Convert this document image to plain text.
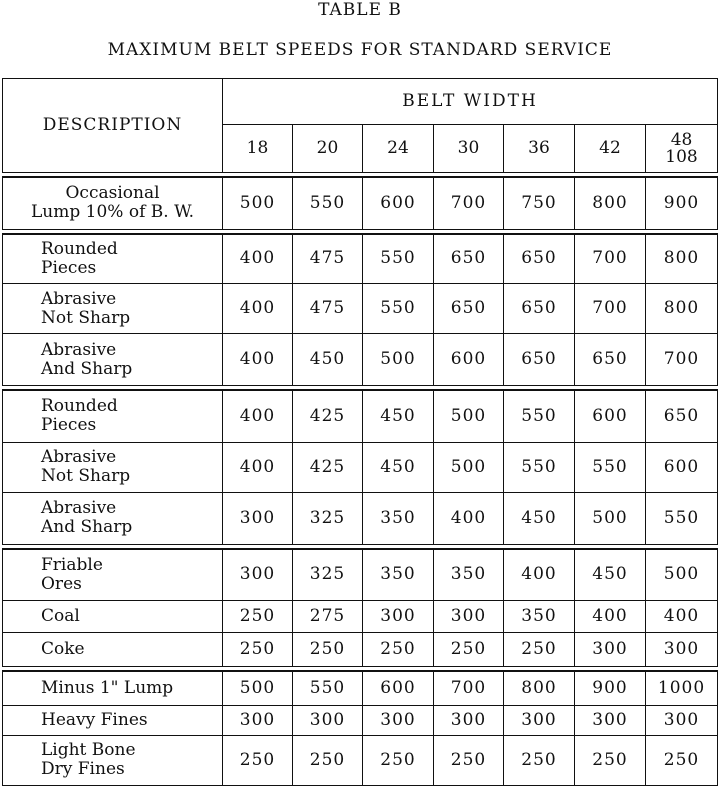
TABLE B
MAXIMUM BELT SPEEDS FOR STANDARD SERVICE
DESCRIPTION	BELT WIDTH						
	18	20	24	30	36	42	48
108

Occasional
Lump 10% of B. W.	500	550	600	700	750	800	900

Rounded
Pieces	400	475	550	650	650	700	800
Abrasive
Not Sharp	400	475	550	650	650	700	800
Abrasive
And Sharp	400	450	500	600	650	650	700

Rounded
Pieces	400	425	450	500	550	600	650
Abrasive
Not Sharp	400	425	450	500	550	550	600
Abrasive
And Sharp	300	325	350	400	450	500	550

Friable
Ores	300	325	350	350	400	450	500
Coal	250	275	300	300	350	400	400
Coke	250	250	250	250	250	300	300

Minus 1" Lump	500	550	600	700	800	900	1000
Heavy Fines	300	300	300	300	300	300	300
Light Bone
Dry Fines	250	250	250	250	250	250	250
